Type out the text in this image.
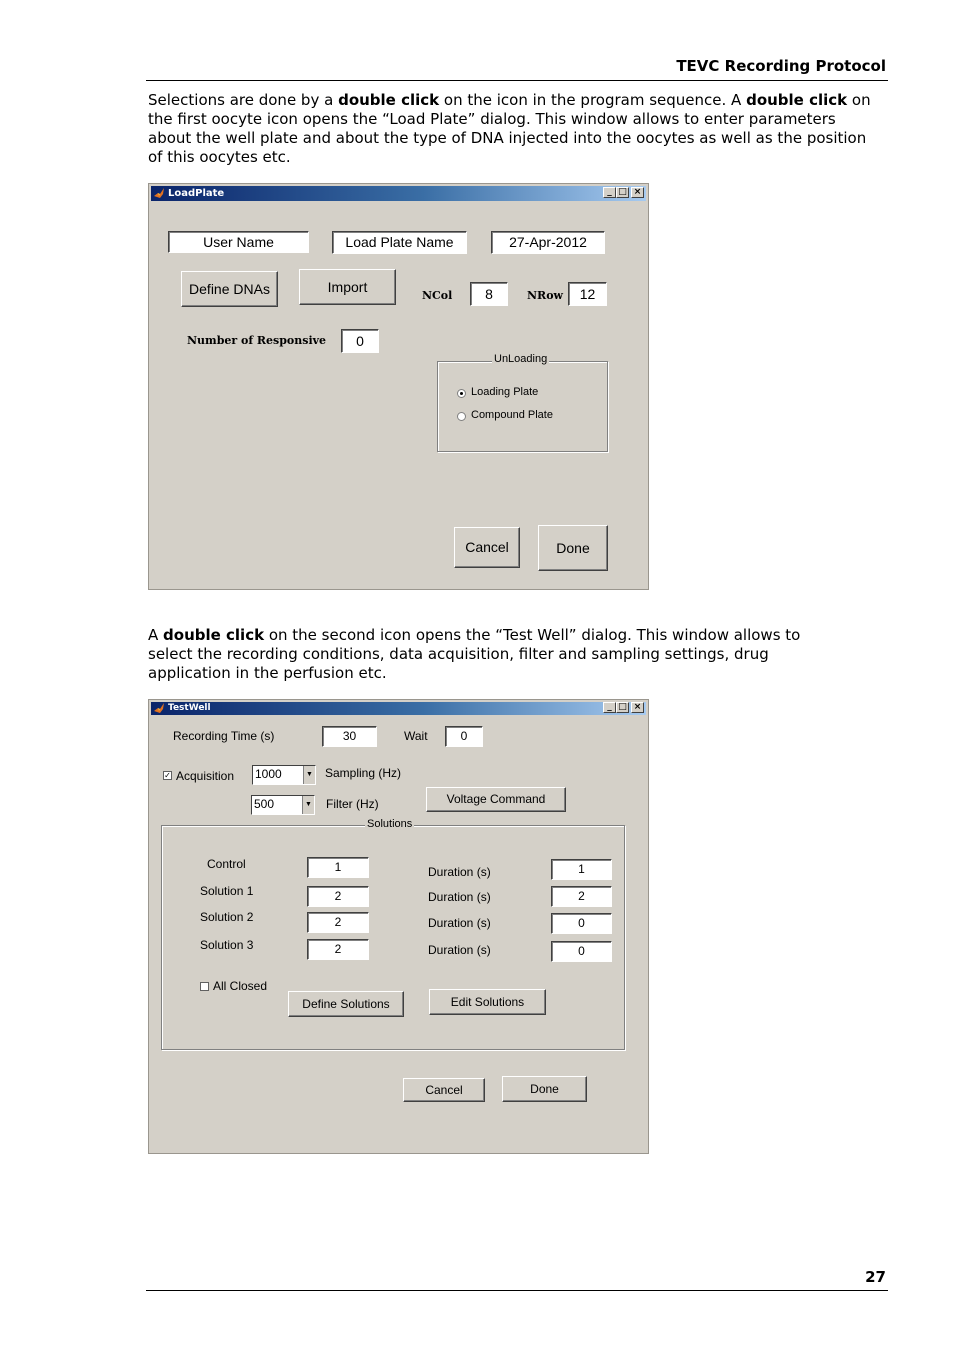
TEVC Recording Protocol
Selections are done by a double click on the icon in the program sequence. A double click on the first oocyte icon opens the “Load Plate” dialog. This window allows to enter parameters about the well plate and about the type of DNA injected into the oocytes as well as the position of this oocytes etc.
LoadPlate	_ □ ×
User Name	Load Plate Name	27-Apr-2012
Define DNAs	Import
NCol	8	NRow	12
Number of Responsive	0
UnLoading
Loading Plate
Compound Plate
Cancel	Done
A double click on the second icon opens the “Test Well” dialog. This window allows to select the recording conditions, data acquisition, filter and sampling settings, drug application in the perfusion etc.
TestWell	_ □ ×
Recording Time (s)	30	Wait	0
✓ Acquisition 1000	▼ Sampling (Hz)
500	▼ Filter (Hz)	Voltage Command
Solutions
Control	1	Duration (s)	1
Solution 1	2	Duration (s)	2
Solution 2	2	Duration (s)	0
Solution 3	2	Duration (s)	0
All Closed
Define Solutions	Edit Solutions
Cancel	Done
27
